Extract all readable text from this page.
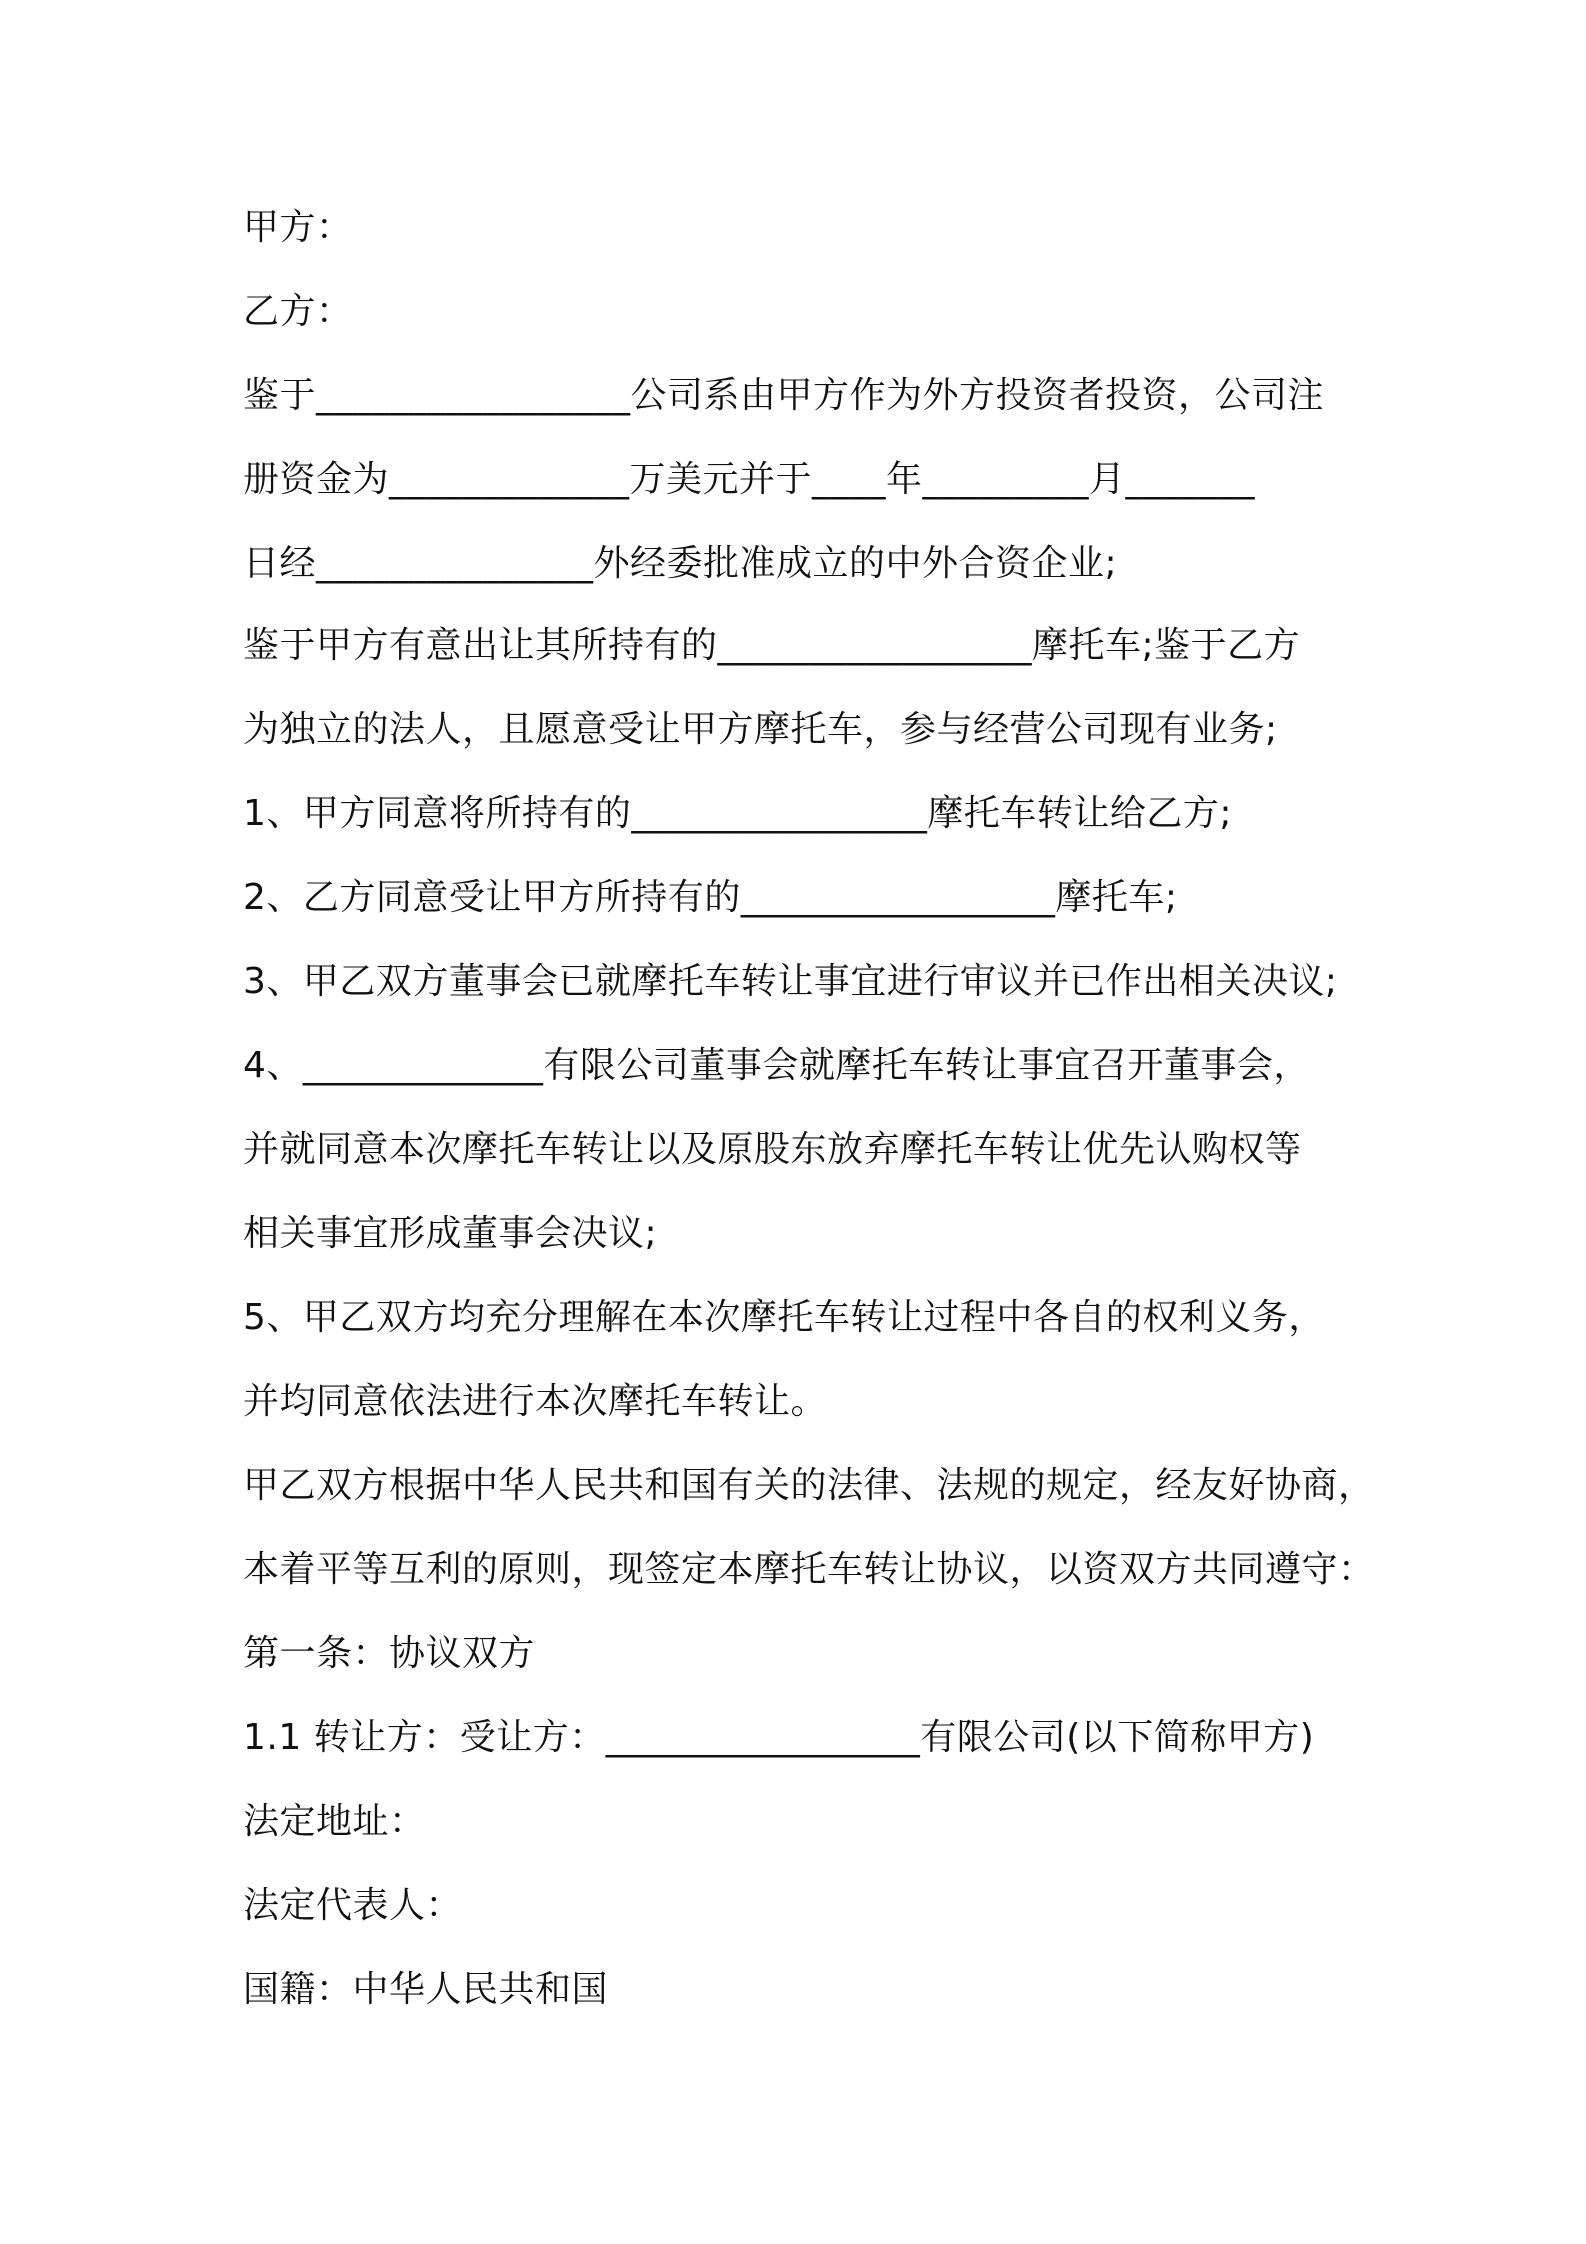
甲方：
乙方：
鉴于_________________公司系由甲方作为外方投资者投资，公司注
册资金为_____________万美元并于____年_________月_______
日经_______________外经委批准成立的中外合资企业;
鉴于甲方有意出让其所持有的_________________摩托车;鉴于乙方
为独立的法人，且愿意受让甲方摩托车，参与经营公司现有业务;
1、甲方同意将所持有的________________摩托车转让给乙方;
2、乙方同意受让甲方所持有的_________________摩托车;
3、甲乙双方董事会已就摩托车转让事宜进行审议并已作出相关决议;
4、_____________有限公司董事会就摩托车转让事宜召开董事会，
并就同意本次摩托车转让以及原股东放弃摩托车转让优先认购权等
相关事宜形成董事会决议;
5、甲乙双方均充分理解在本次摩托车转让过程中各自的权利义务，
并均同意依法进行本次摩托车转让。
甲乙双方根据中华人民共和国有关的法律、法规的规定，经友好协商，
本着平等互利的原则，现签定本摩托车转让协议，以资双方共同遵守：
第一条：协议双方
1.1 转让方：受让方：_________________有限公司(以下简称甲方)
法定地址：
法定代表人：
国籍：中华人民共和国
